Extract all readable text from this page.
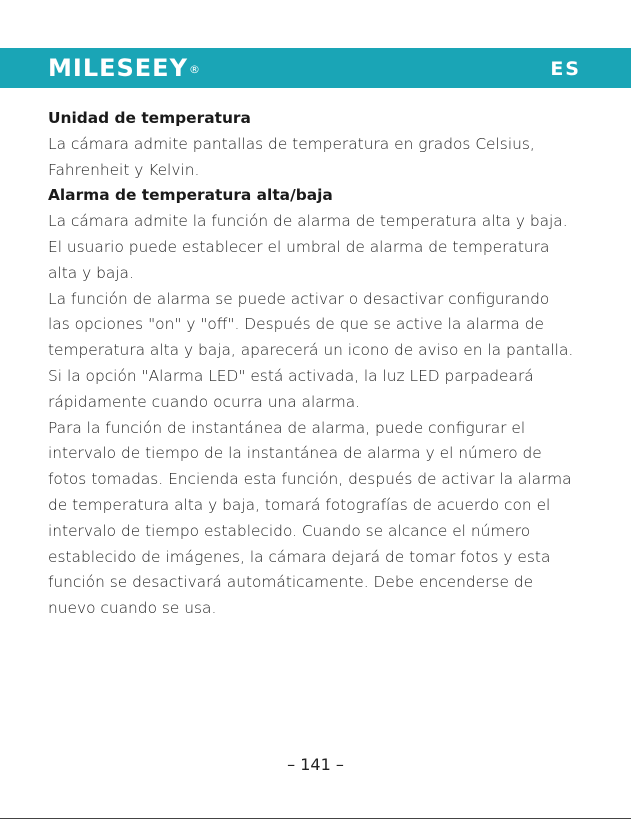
MILESEEY®	ES

Unidad de temperatura

La cámara admite pantallas de temperatura en grados Celsius,

Fahrenheit y Kelvin.

Alarma de temperatura alta/baja

La cámara admite la función de alarma de temperatura alta y baja.

El usuario puede establecer el umbral de alarma de temperatura

alta y baja.

La función de alarma se puede activar o desactivar configurando

las opciones "on" y "off". Después de que se active la alarma de

temperatura alta y baja, aparecerá un icono de aviso en la pantalla.

Si la opción "Alarma LED" está activada, la luz LED parpadeará

rápidamente cuando ocurra una alarma.

Para la función de instantánea de alarma, puede configurar el

intervalo de tiempo de la instantánea de alarma y el número de

fotos tomadas. Encienda esta función, después de activar la alarma

de temperatura alta y baja, tomará fotografías de acuerdo con el

intervalo de tiempo establecido. Cuando se alcance el número

establecido de imágenes, la cámara dejará de tomar fotos y esta

función se desactivará automáticamente. Debe encenderse de

nuevo cuando se usa.

– 141 –
